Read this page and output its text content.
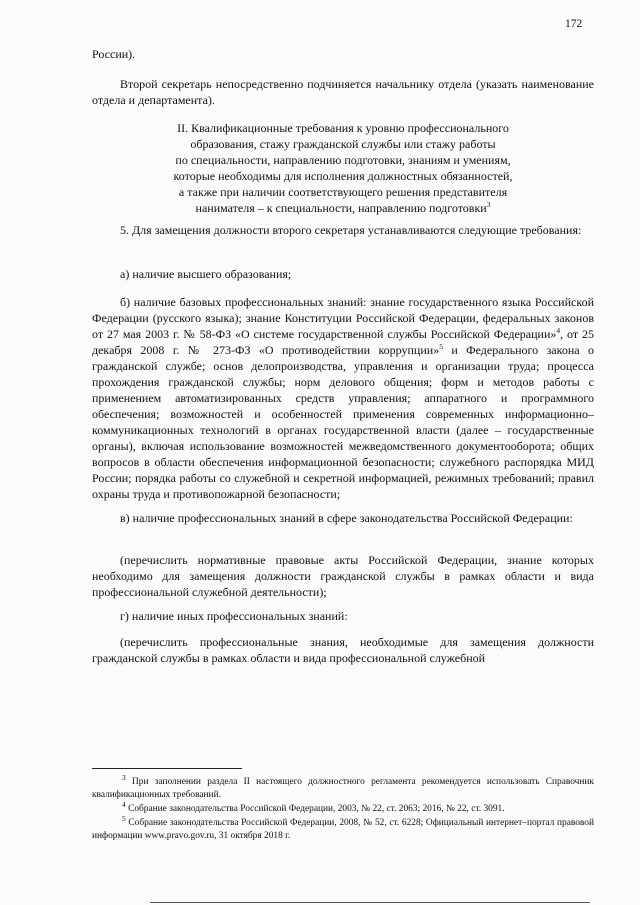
172

России).

Второй секретарь непосредственно подчиняется начальнику отдела (указать наименование отдела и департамента).

II. Квалификационные требования к уровню профессионального
образования, стажу гражданской службы или стажу работы
по специальности, направлению подготовки, знаниям и умениям,
которые необходимы для исполнения должностных обязанностей,
а также при наличии соответствующего решения представителя
нанимателя – к специальности, направлению подготовки$^3$

5. Для замещения должности второго секретаря устанавливаются следующие требования:

а) наличие высшего образования;

б) наличие базовых профессиональных знаний: знание государственного языка Российской Федерации (русского языка); знание Конституции Российской Федерации, федеральных законов от 27 мая 2003 г. № 58-ФЗ «О системе государственной службы Российской Федерации»$^4$, от 25 декабря 2008 г. № 273-ФЗ «О противодействии коррупции»$^5$ и Федерального закона о гражданской службе; основ делопроизводства, управления и организации труда; процесса прохождения гражданской службы; норм делового общения; форм и методов работы с применением автоматизированных средств управления; аппаратного и программного обеспечения; возможностей и особенностей применения современных информационно–коммуникационных технологий в органах государственной власти (далее – государственные органы), включая использование возможностей межведомственного документооборота; общих вопросов в области обеспечения информационной безопасности; служебного распорядка МИД России; порядка работы со служебной и секретной информацией, режимных требований; правил охраны труда и противопожарной безопасности;

в) наличие профессиональных знаний в сфере законодательства Российской Федерации:

(перечислить нормативные правовые акты Российской Федерации, знание которых необходимо для замещения должности гражданской службы в рамках области и вида профессиональной служебной деятельности);

г) наличие иных профессиональных знаний:

(перечислить профессиональные знания, необходимые для замещения должности гражданской службы в рамках области и вида профессиональной служебной

$^3$ При заполнении раздела II настоящего должностного регламента рекомендуется использовать Справочник квалификационных требований.

$^4$ Собрание законодательства Российской Федерации, 2003, № 22, ст. 2063; 2016, № 22, ст. 3091.

$^5$ Собрание законодательства Российской Федерации, 2008, № 52, ст. 6228; Официальный интернет–портал правовой информации www.pravo.gov.ru, 31 октября 2018 г.
